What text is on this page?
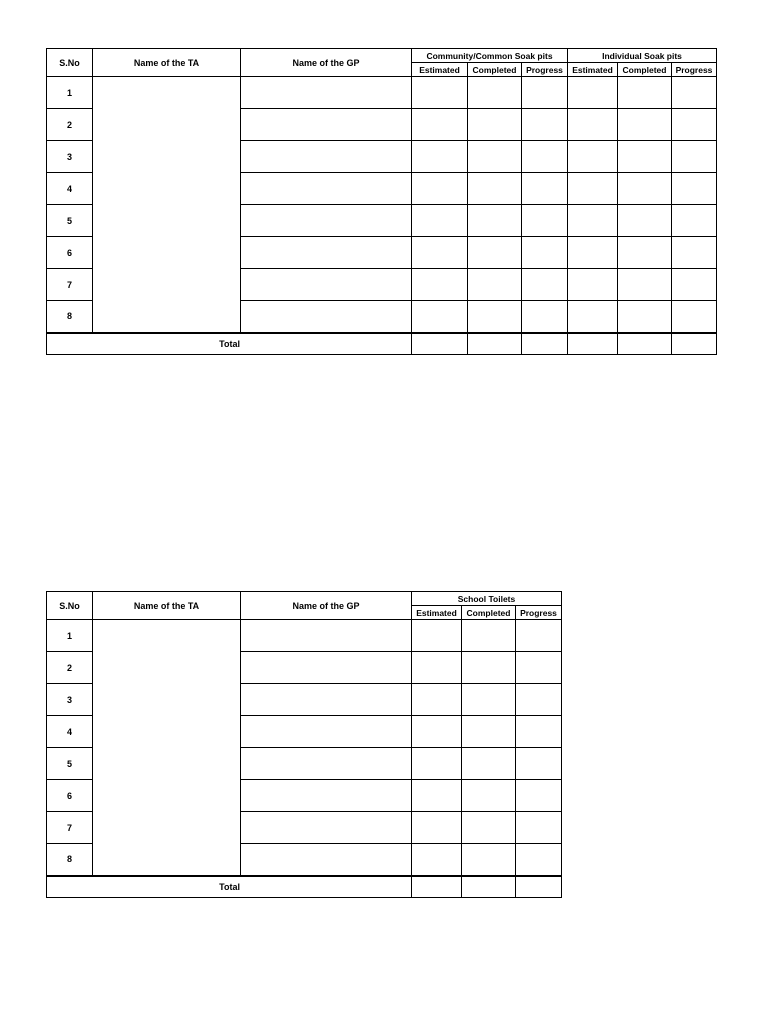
S.No	Name of the TA	Name of the GP	Community/Common Soak pits			Individual Soak pits		
			Estimated	Completed	Progress	Estimated	Completed	Progress
1								
2								
3								
4								
5								
6								
7								
8								
Total								
S.No	Name of the TA	Name of the GP	School Toilets		
			Estimated	Completed	Progress
1					
2					
3					
4					
5					
6					
7					
8					
Total					
